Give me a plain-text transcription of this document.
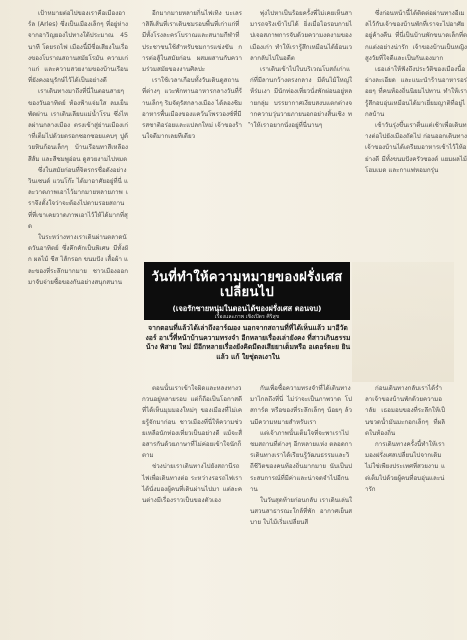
เป้าหมายต่อไปของเราคือเมืองอาร์ล (Arles) ซึ่งเป็นเมืองเล็กๆ ที่อยู่ห่างจากอาวิญยองไปทางใต้ประมาณ 45 นาที โดยรถไฟ เมืองนี้มีชื่อเสียงในเรื่องของโบราณสถานสมัยโรมัน ความเก่าแก่ และความสวยงามของบ้านเรือนที่ยังคงอนุรักษ์ไว้ได้เป็นอย่างดี

เราเดินทางมาถึงที่นี่ในตอนสายๆ ของวันอาทิตย์ ท้องฟ้าแจ่มใส ลมเย็นพัดผ่าน เราเดินเลียบแม่น้ำโรน ซึ่งไหลผ่านกลางเมือง ตรงเข้าสู่ย่านเมืองเก่าที่เต็มไปด้วยตรอกซอกซอยแคบๆ ปูด้วยหินก้อนเล็กๆ บ้านเรือนทาสีเหลือง สีส้ม และสีชมพูอ่อน ดูสวยงามไปหมด

ซึ่งในสมัยก่อนที่จิตรกรชื่อดังอย่าง วินเซนต์ แวนโก๊ะ ได้มาอาศัยอยู่ที่นี่ และวาดภาพเอาไว้มากมายหลายภาพ เราจึงตั้งใจว่าจะต้องไปตามรอยสถานที่ที่เขาเคยวาดภาพเอาไว้ให้ได้มากที่สุด

ในระหว่างทางเราเดินผ่านตลาดนัดวันอาทิตย์ ซึ่งคึกคักเป็นพิเศษ มีทั้งผัก ผลไม้ ชีส ไส้กรอก ขนมปัง เสื้อผ้า และของที่ระลึกมากมาย ชาวเมืองออกมาจับจ่ายซื้อของกันอย่างสนุกสนาน

อีกมากมายหลายกิ่นไฟเทิง บะเลราสิลีเส้นที่เราเดินชมรอบพื้นที่เก่าแก่ที่มีทั้งโรงละครโบราณและสนามกีฬาที่ประชาชนใช้สำหรับชมการแข่งขัน การต่อสู้ในสมัยก่อน ผสมผสานกับความร่วมสมัยของงานศิลปะ

เราใช้เวลาเกือบทั้งวันเดินดูสถานที่ต่างๆ แวะพักทานอาหารกลางวันที่ร้านเล็กๆ ริมจัตุรัสกลางเมือง ได้ลองชิมอาหารพื้นเมืองของแคว้นโพรวองซ์ที่มีรสชาติอร่อยและแปลกใหม่ เจ้าของร้านใจดีมากเลยทีเดียว

พุ่งไปหาเป็นร้อยครั้งพี่ไม่เคยเห็นสามารถจริงเข้าไปได้ ยิ่งเมื่อไอรอบกายไปเจอสภาพการจับด้วยความงดงามของเมืองเก่า ทำให้เรารู้สึกเหมือนได้ย้อนเวลากลับไปในอดีต

เราเดินเข้าไปในบริเวณโบสถ์เก่าแก่ที่มีลานกว้างตรงกลาง มีต้นไม้ใหญ่ให้ร่มเงา มีนักท่องเที่ยวนั่งพักผ่อนอยู่หลายกลุ่ม บรรยากาศเงียบสงบแตกต่างจากความวุ่นวายภายนอกอย่างสิ้นเชิง ทำให้เราอยากนั่งอยู่ที่นี่นานๆ

ซึ่งก่อนหน้านี้ได้ติดต่อผ่านทางอีเมลไว้กับเจ้าของบ้านพักที่เราจะไปอาศัยอยู่ค้างคืน ที่นี่เป็นบ้านพักขนาดเล็กที่ตกแต่งอย่างน่ารัก เจ้าของบ้านเป็นหญิงสูงวัยที่ใจดีและเป็นกันเองมาก

เธอเล่าให้ฟังถึงประวัติของเมืองนี้อย่างละเอียด และแนะนำร้านอาหารอร่อยๆ ที่คนท้องถิ่นนิยมไปทาน ทำให้เรารู้สึกอบอุ่นเหมือนได้มาเยี่ยมญาติที่อยู่ไกลบ้าน

เช้าวันรุ่งขึ้นเราตื่นแต่เช้าเพื่อเดินทางต่อไปยังเมืองถัดไป ก่อนออกเดินทางเจ้าของบ้านได้เตรียมอาหารเช้าไว้ให้อย่างดี มีทั้งขนมปังครัวซองต์ แยมผลไม้โฮมเมด และกาแฟหอมกรุ่น

วันที่ทำให้ความหมายของฝรั่งเศสเปลี่ยนไป
(เจอรักชายหนุ่มในตอนได้ของฝรั่งเศส ตอนจบ)
เรื่องและภาพ เชิงเปิดร ศิริสุข
จากตอนที่แล้วได้เล่าถึงอาร์ฌอง นอกจากสถานที่ที่ได้เห็นแล้ว มาอีวัตงอร์ อาเวิ้ที่หน้าบ้านความทรงจำ อีกหลายเรื่องเล่ายังคง ที่สาวเกินธรรมน้าง พิสาย ใหม่ มีอีกหลายเรื่องยังคิดมีดงเสียยาเต็มหรือ อเตอร์ตะย ยินแล้ว แก้ ใยชุ่ตลเงาใน

ตอนนั้นเราเข้าใจผิดและหลงทางวกวนอยู่หลายรอบ แต่ก็ถือเป็นโอกาสดีที่ได้เห็นมุมมองใหม่ๆ ของเมืองที่ไม่เคยรู้จักมาก่อน ชาวเมืองที่นี่ให้ความช่วยเหลือนักท่องเที่ยวเป็นอย่างดี แม้จะสื่อสารกันด้วยภาษาที่ไม่ค่อยเข้าใจนักก็ตาม

ช่วงบ่ายเราเดินทางไปยังสถานีรถไฟเพื่อเดินทางต่อ ระหว่างรอรถไฟเราได้นั่งมองผู้คนที่เดินผ่านไปมา แต่ละคนต่างมีเรื่องราวเป็นของตัวเอง

กันเพื่อซื้อความทรงจำที่ได้เดินทางมาไกลถึงที่นี่ ไม่ว่าจะเป็นภาพวาด โปสการ์ด หรือของที่ระลึกเล็กๆ น้อยๆ ล้วนมีความหมายสำหรับเรา

แต่เจ้าภาพนั้นเต็มใจที่จะพาเราไปชมสถานที่ต่างๆ อีกหลายแห่ง ตลอดการเดินทางเราได้เรียนรู้วัฒนธรรมและวิถีชีวิตของคนท้องถิ่นมากมาย นับเป็นประสบการณ์ที่มีค่าและน่าจดจำไปอีกนาน

ในวันสุดท้ายก่อนกลับ เราเดินเล่นในสวนสาธารณะใกล้ที่พัก อากาศเย็นสบาย ใบไม้เริ่มเปลี่ยนสี

ก่อนเดินทางกลับเราได้ร่ำลาเจ้าของบ้านพักด้วยความอาลัย เธอมอบของที่ระลึกให้เป็นขวดน้ำมันมะกอกเล็กๆ ที่ผลิตในท้องถิ่น

การเดินทางครั้งนี้ทำให้เรามองฝรั่งเศสเปลี่ยนไปจากเดิม ไม่ใช่เพียงประเทศที่สวยงาม แต่เต็มไปด้วยผู้คนที่อบอุ่นและน่ารัก
